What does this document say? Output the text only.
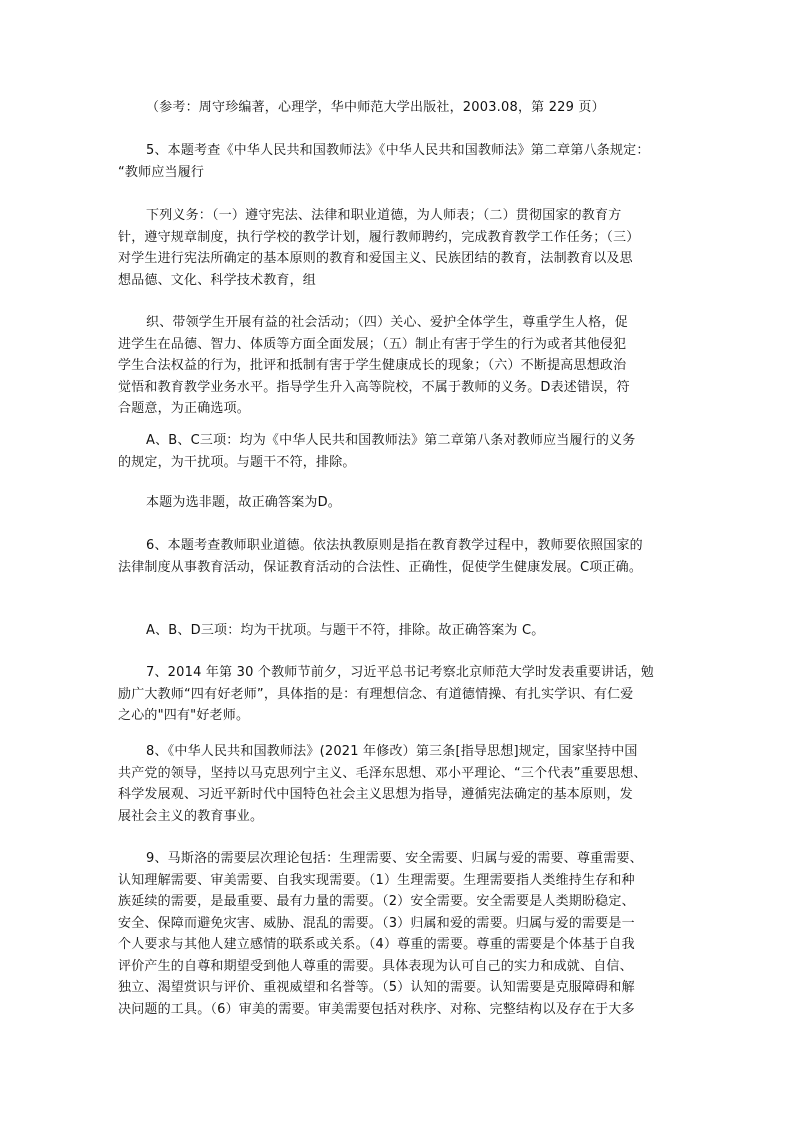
（参考：周守珍编著，心理学，华中师范大学出版社，2003.08，第 229 页）

5、本题考查《中华人民共和国教师法》《中华人民共和国教师法》第二章第八条规定：
“教师应当履行

下列义务：（一）遵守宪法、法律和职业道德，为人师表；（二）贯彻国家的教育方
针，遵守规章制度，执行学校的教学计划，履行教师聘约，完成教育教学工作任务；（三）
对学生进行宪法所确定的基本原则的教育和爱国主义、民族团结的教育，法制教育以及思
想品德、文化、科学技术教育，组

织、带领学生开展有益的社会活动；（四）关心、爱护全体学生，尊重学生人格，促
进学生在品德、智力、体质等方面全面发展；（五）制止有害于学生的行为或者其他侵犯
学生合法权益的行为，批评和抵制有害于学生健康成长的现象；（六）不断提高思想政治
觉悟和教育教学业务水平。指导学生升入高等院校，不属于教师的义务。D表述错误，符
合题意，为正确选项。

A、B、C三项：均为《中华人民共和国教师法》第二章第八条对教师应当履行的义务
的规定，为干扰项。与题干不符，排除。

本题为选非题，故正确答案为D。

6、本题考查教师职业道德。依法执教原则是指在教育教学过程中，教师要依照国家的
法律制度从事教育活动，保证教育活动的合法性、正确性，促使学生健康发展。C项正确。

A、B、D三项：均为干扰项。与题干不符，排除。故正确答案为 C。

7、2014 年第 30 个教师节前夕，习近平总书记考察北京师范大学时发表重要讲话，勉
励广大教师“四有好老师”，具体指的是：有理想信念、有道德情操、有扎实学识、有仁爱
之心的"四有"好老师。

8、《中华人民共和国教师法》(2021 年修改）第三条[指导思想]规定，国家坚持中国
共产党的领导，坚持以马克思列宁主义、毛泽东思想、邓小平理论、“三个代表”重要思想、
科学发展观、习近平新时代中国特色社会主义思想为指导，遵循宪法确定的基本原则，发
展社会主义的教育事业。

9、马斯洛的需要层次理论包括：生理需要、安全需要、归属与爱的需要、尊重需要、
认知理解需要、审美需要、自我实现需要。（1）生理需要。生理需要指人类维持生存和种
族延续的需要，是最重要、最有力量的需要。（2）安全需要。安全需要是人类期盼稳定、
安全、保障而避免灾害、威胁、混乱的需要。（3）归属和爱的需要。归属与爱的需要是一
个人要求与其他人建立感情的联系或关系。（4）尊重的需要。尊重的需要是个体基于自我
评价产生的自尊和期望受到他人尊重的需要。具体表现为认可自己的实力和成就、自信、
独立、渴望赏识与评价、重视威望和名誉等。（5）认知的需要。认知需要是克服障碍和解
决问题的工具。（6）审美的需要。审美需要包括对秩序、对称、完整结构以及存在于大多
